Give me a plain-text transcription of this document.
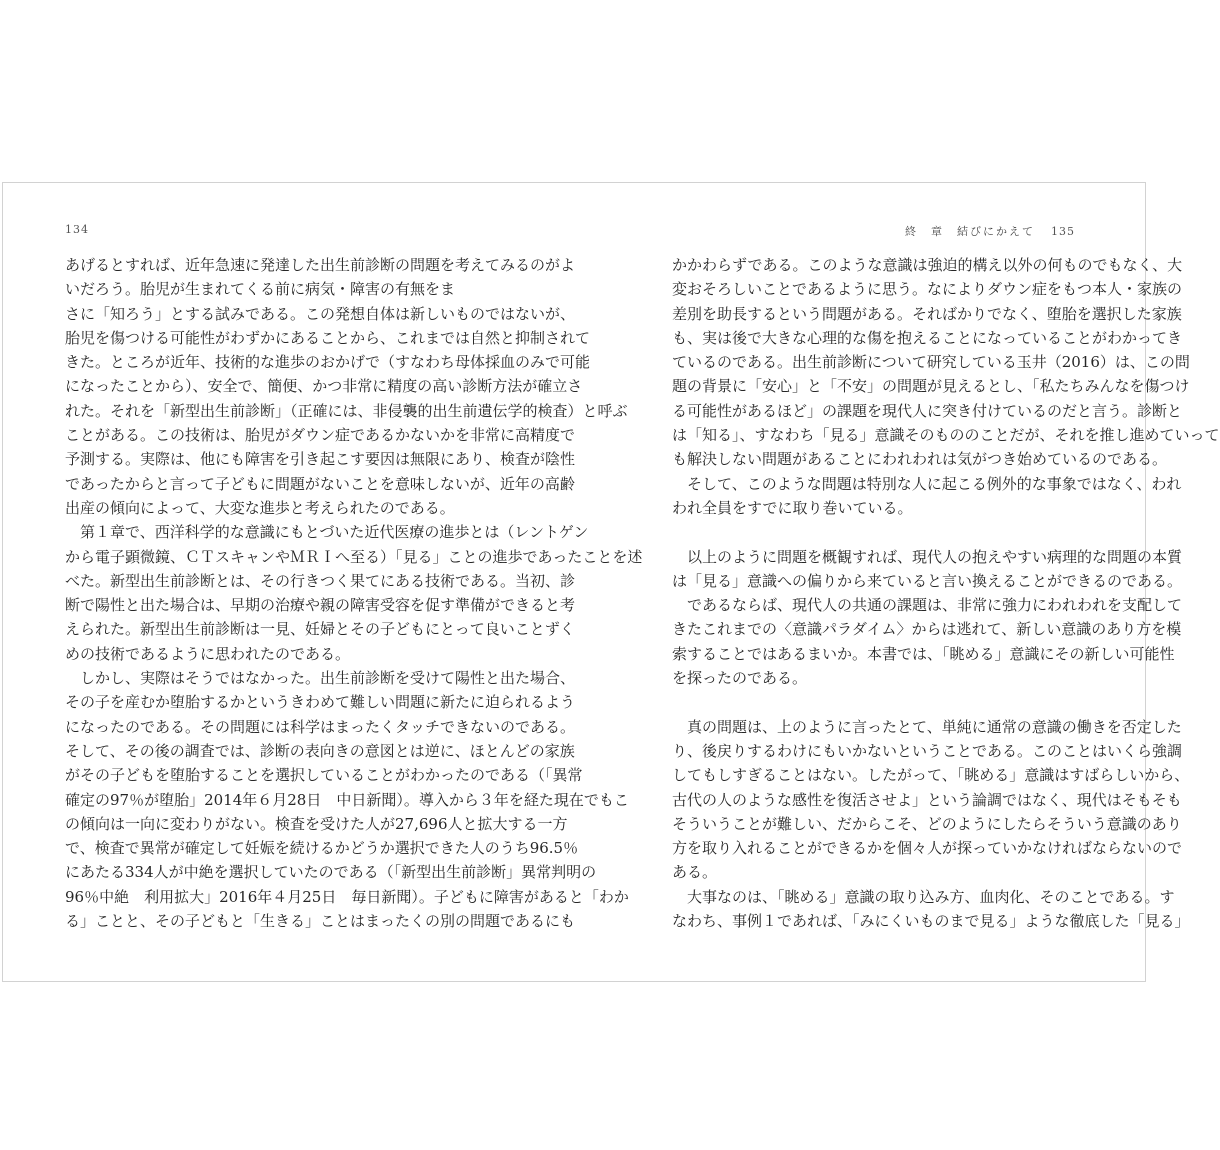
134
あげるとすれば、近年急速に発達した出生前診断の問題を考えてみるのがよ
いだろう。胎児が生まれてくる前に病気・障害の有無をま
さに「知ろう」とする試みである。この発想自体は新しいものではないが、
胎児を傷つける可能性がわずかにあることから、これまでは自然と抑制されて
きた。ところが近年、技術的な進歩のおかげで（すなわち母体採血のみで可能
になったことから）、安全で、簡便、かつ非常に精度の高い診断方法が確立さ
れた。それを「新型出生前診断」（正確には、非侵襲的出生前遺伝学的検査）と呼ぶ
ことがある。この技術は、胎児がダウン症であるかないかを非常に高精度で
予測する。実際は、他にも障害を引き起こす要因は無限にあり、検査が陰性
であったからと言って子どもに問題がないことを意味しないが、近年の高齢
出産の傾向によって、大変な進歩と考えられたのである。
　第１章で、西洋科学的な意識にもとづいた近代医療の進歩とは（レントゲン
から電子顕微鏡、ＣＴスキャンやＭＲＩへ至る）「見る」ことの進歩であったことを述
べた。新型出生前診断とは、その行きつく果てにある技術である。当初、診
断で陽性と出た場合は、早期の治療や親の障害受容を促す準備ができると考
えられた。新型出生前診断は一見、妊婦とその子どもにとって良いことずく
めの技術であるように思われたのである。
　しかし、実際はそうではなかった。出生前診断を受けて陽性と出た場合、
その子を産むか堕胎するかというきわめて難しい問題に新たに迫られるよう
になったのである。その問題には科学はまったくタッチできないのである。
そして、その後の調査では、診断の表向きの意図とは逆に、ほとんどの家族
がその子どもを堕胎することを選択していることがわかったのである（「異常
確定の97％が堕胎」2014年６月28日　中日新聞）。導入から３年を経た現在でもこ
の傾向は一向に変わりがない。検査を受けた人が27,696人と拡大する一方
で、検査で異常が確定して妊娠を続けるかどうか選択できた人のうち96.5％
にあたる334人が中絶を選択していたのである（「新型出生前診断」異常判明の
96％中絶　利用拡大」2016年４月25日　毎日新聞）。子どもに障害があると「わか
る」ことと、その子どもと「生きる」ことはまったくの別の問題であるにも
終　章　結びにかえて 135
かかわらずである。このような意識は強迫的構え以外の何ものでもなく、大
変おそろしいことであるように思う。なによりダウン症をもつ本人・家族の
差別を助長するという問題がある。そればかりでなく、堕胎を選択した家族
も、実は後で大きな心理的な傷を抱えることになっていることがわかってき
ているのである。出生前診断について研究している玉井（2016）は、この問
題の背景に「安心」と「不安」の問題が見えるとし、「私たちみんなを傷つけ
る可能性があるほど」の課題を現代人に突き付けているのだと言う。診断と
は「知る」、すなわち「見る」意識そのもののことだが、それを推し進めていって
も解決しない問題があることにわれわれは気がつき始めているのである。
　そして、このような問題は特別な人に起こる例外的な事象ではなく、われ
われ全員をすでに取り巻いている。
　以上のように問題を概観すれば、現代人の抱えやすい病理的な問題の本質
は「見る」意識への偏りから来ていると言い換えることができるのである。
　であるならば、現代人の共通の課題は、非常に強力にわれわれを支配して
きたこれまでの〈意識パラダイム〉からは逃れて、新しい意識のあり方を模
索することではあるまいか。本書では、「眺める」意識にその新しい可能性
を探ったのである。
　真の問題は、上のように言ったとて、単純に通常の意識の働きを否定した
り、後戻りするわけにもいかないということである。このことはいくら強調
してもしすぎることはない。したがって、「眺める」意識はすばらしいから、
古代の人のような感性を復活させよ」という論調ではなく、現代はそもそも
そういうことが難しい、だからこそ、どのようにしたらそういう意識のあり
方を取り入れることができるかを個々人が探っていかなければならないので
ある。
　大事なのは、「眺める」意識の取り込み方、血肉化、そのことである。す
なわち、事例１であれば、「みにくいものまで見る」ような徹底した「見る」
